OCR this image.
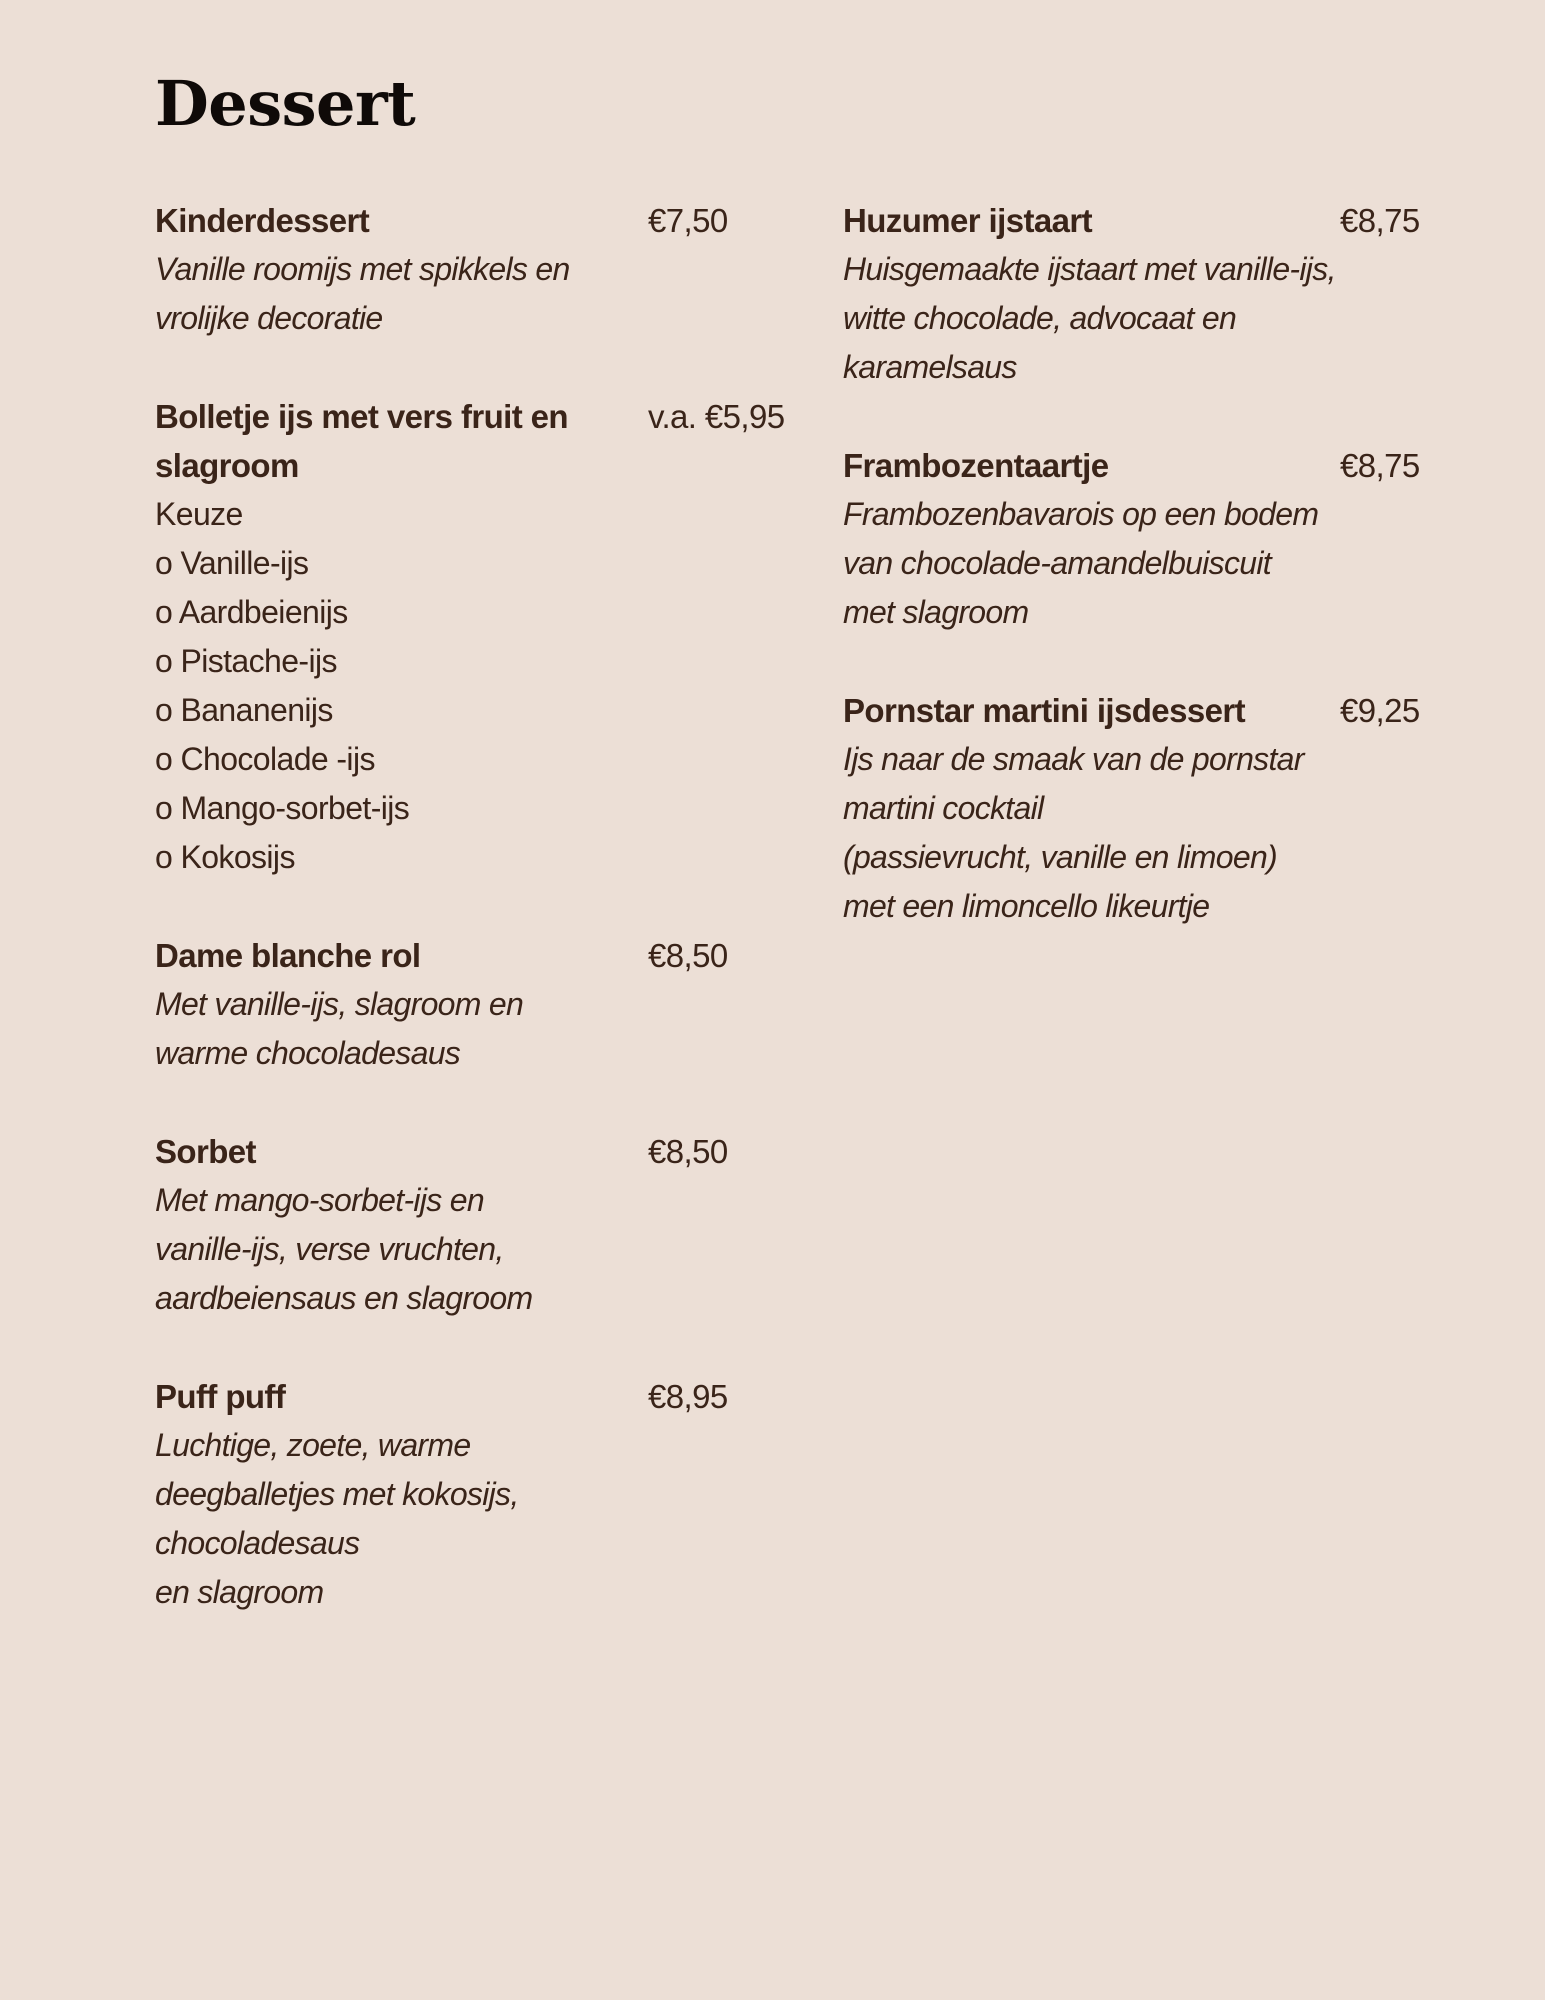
Dessert
Kinderdessert	€7,50
Vanille roomijs met spikkels en
vrolijke decoratie
Bolletje ijs met vers fruit en slagroom
v.a. €5,95
Keuze
o Vanille-ijs
o Aardbeienijs
o Pistache-ijs
o Bananenijs
o Chocolade -ijs
o Mango-sorbet-ijs
o Kokosijs
Dame blanche rol	€8,50
Met vanille-ijs, slagroom en
warme chocoladesaus
Sorbet	€8,50
Met mango-sorbet-ijs en
vanille-ijs, verse vruchten,
aardbeiensaus en slagroom
Puff puff	€8,95
Luchtige, zoete, warme
deegballetjes met kokosijs,
chocoladesaus
en slagroom
Huzumer ijstaart	€8,75
Huisgemaakte ijstaart met vanille-ijs,
witte chocolade, advocaat en
karamelsaus
Frambozentaartje	€8,75
Frambozenbavarois op een bodem
van chocolade-amandelbuiscuit
met slagroom
Pornstar martini ijsdessert	€9,25
Ijs naar de smaak van de pornstar
martini cocktail
(passievrucht, vanille en limoen)
met een limoncello likeurtje
